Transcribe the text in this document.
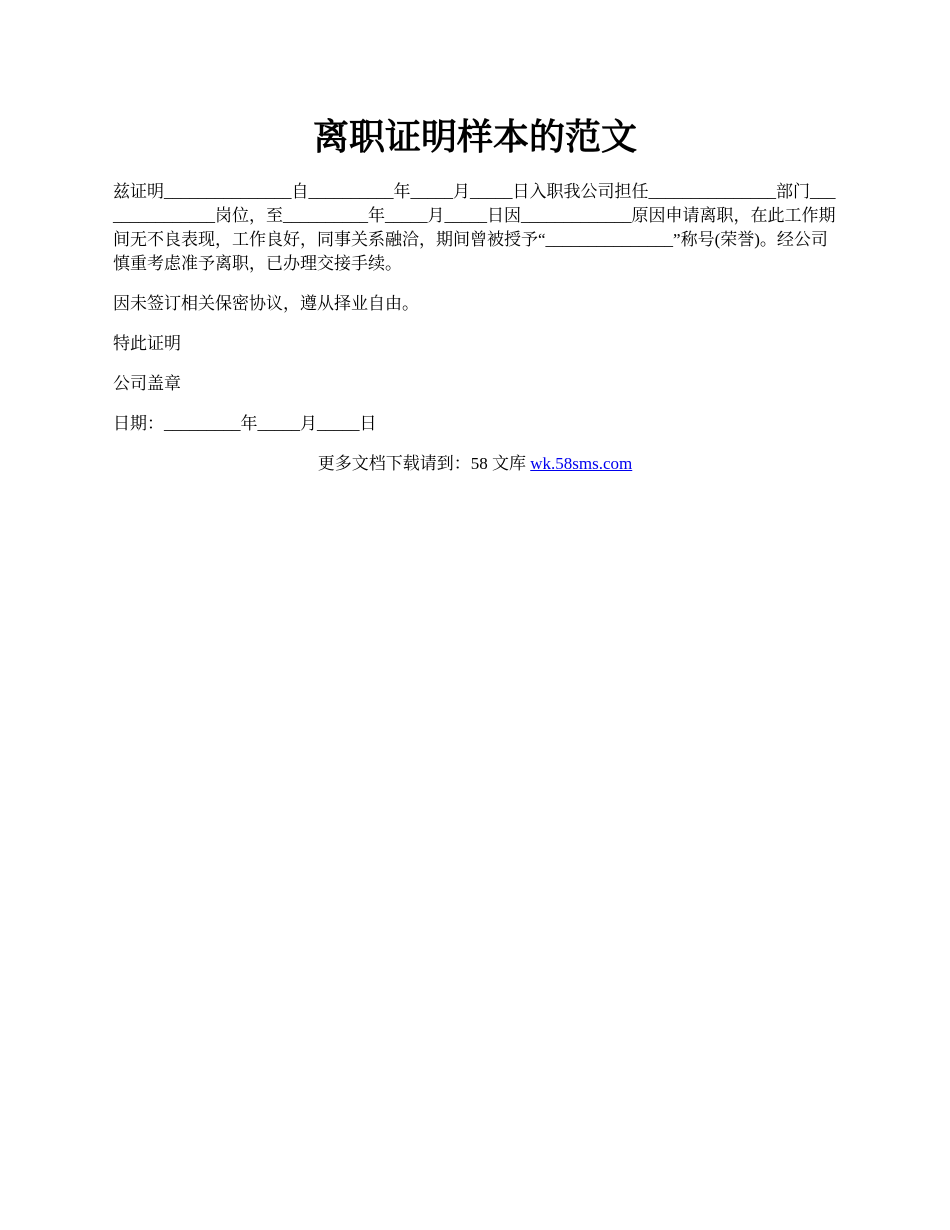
离职证明样本的范文

兹证明_______________自__________年_____月_____日入职我公司担任_______________部门_______________岗位，至__________年_____月_____日因_____________原因申请离职，在此工作期间无不良表现，工作良好，同事关系融洽，期间曾被授予“_______________”称号(荣誉)。经公司慎重考虑准予离职，已办理交接手续。

因未签订相关保密协议，遵从择业自由。

特此证明

公司盖章

日期：_________年_____月_____日

更多文档下载请到：58 文库 wk.58sms.com
